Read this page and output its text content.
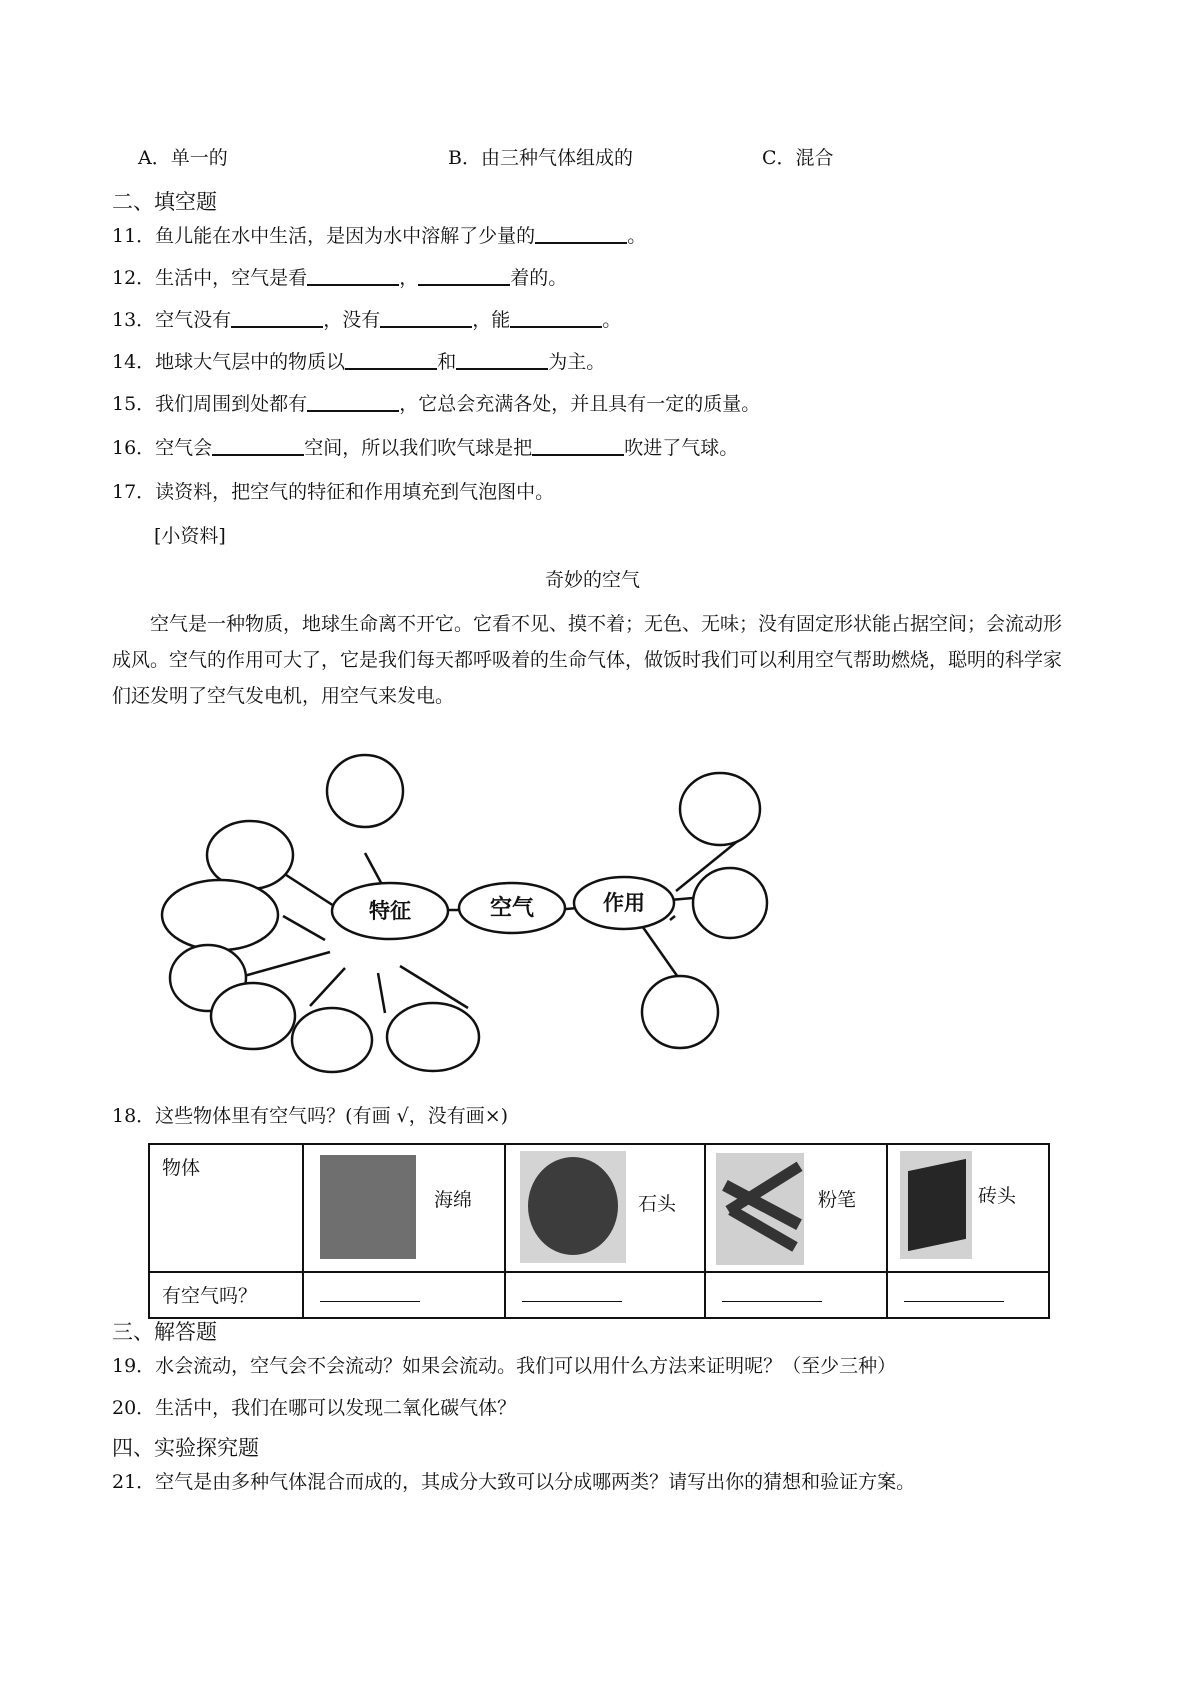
A．单一的	B．由三种气体组成的	C．混合
二、填空题
11．鱼儿能在水中生活，是因为水中溶解了少量的	。
12．生活中，空气是看	，	着的。
13．空气没有	，没有	，能	。
14．地球大气层中的物质以	和	为主。
15．我们周围到处都有	，它总会充满各处，并且具有一定的质量。
16．空气会	空间，所以我们吹气球是把	吹进了气球。
17．读资料，把空气的特征和作用填充到气泡图中。
[小资料]
奇妙的空气
空气是一种物质，地球生命离不开它。它看不见、摸不着；无色、无味；没有固定形状能占据空间；会流动形成风。空气的作用可大了，它是我们每天都呼吸着的生命气体，做饭时我们可以利用空气帮助燃烧，聪明的科学家们还发明了空气发电机，用空气来发电。
特征	空气	作用
18．这些物体里有空气吗？(有画 √，没有画×)
物体	海绵	石头	粉笔	砖头

有空气吗？				

三、解答题
19．水会流动，空气会不会流动？如果会流动。我们可以用什么方法来证明呢？（至少三种）
20．生活中，我们在哪可以发现二氧化碳气体？
四、实验探究题
21．空气是由多种气体混合而成的，其成分大致可以分成哪两类？请写出你的猜想和验证方案。
